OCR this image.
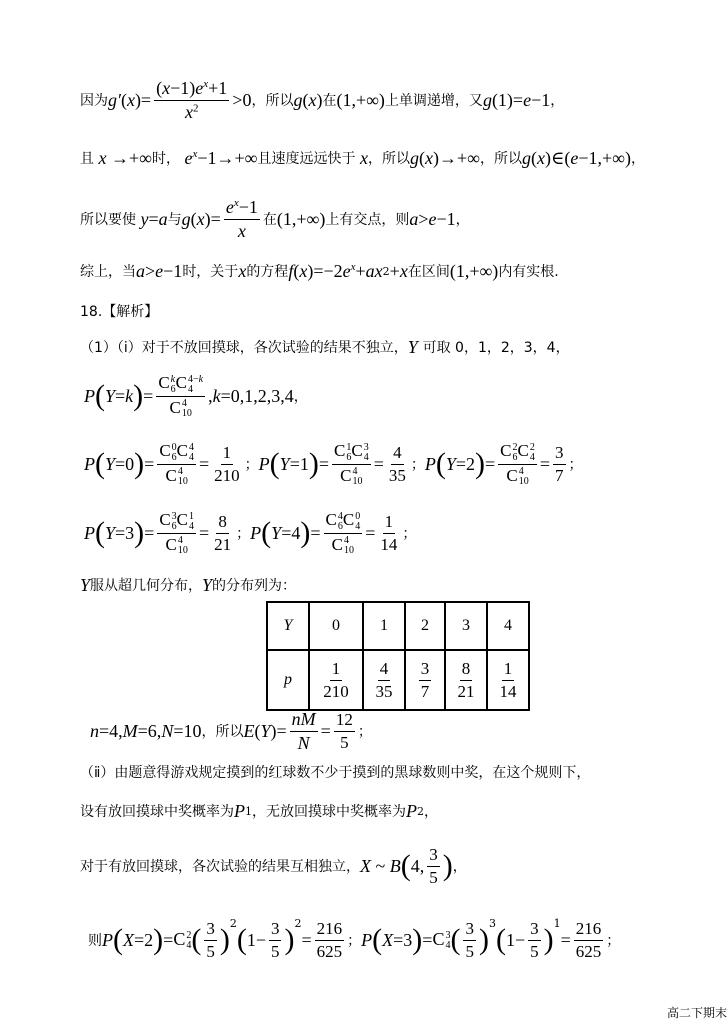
因为 g′ ( x )= $\frac{(x-1)e^x+1}{x^2} >0$ ，所以 g ( x ) 在 (1,+∞) 上单调递增，又 g (1)= e −1 ，
且 x →+∞ 时， $e^x -1\to+\infty$ 且速度远远快于 x ，所以 g ( x )→+∞ ，所以 g ( x )∈( e −1,+∞) ，
所以要使 y = a 与 g ( x )= $\frac{e^x-1}{x}$ 在 (1,+∞) 上有交点，则 a > e −1 ，
综上，当 a > e −1 时，关于 x 的方程 f ( x )=−2 $e^x$ + ax 2 + x 在区间 (1,+∞) 内有实根.
18.【解析】
（1）（ⅰ）对于不放回摸球，各次试验的结果不独立， Y
可取 0，1，2，3，4，
P ( Y = k ) = C k
6 C 4−k
4
C 4
10 , k =0,1,2,3,4 ，
P ( Y =0 ) = C 0
6 C 4
4
C 4
$10 = \frac{1}{210}$ ； P ( Y =1 ) = C 1
6 C 3
4
C 4
$10 = \frac{4}{35}$ ； P ( Y =2 ) = C 2
6 C 2
4
C 4
$10 = \frac{3}{7}$ ；
P ( Y =3 ) = C 3
6 C 1
4
C 4
$10 = \frac{8}{21}$ ； P ( Y =4 ) = C 4
6 C 0
4
C 4
$10 = \frac{1}{14}$ ；
Y 服从超几何分布， Y 的分布列为：
Y	0	1	2	3	4
p	$\frac{1}{210}$	$\frac{4}{35}$	$\frac{3}{7}$	$\frac{8}{21}$	$\frac{1}{14}$
n =4, M =6, N =10 ，所以 E ( Y )= $\frac{nM}{N} = \frac{12}{5}$ ；
（ⅱ）由题意得游戏规定摸到的红球数不少于摸到的黑球数则中奖，在这个规则下，
设有放回摸球中奖概率为 P 1 ，无放回摸球中奖概率为 P 2 ，
对于有放回摸球，各次试验的结果互相独立， X ~ B ( 4, $\frac{3}{5}$ ) ，
则 P ( X =2 ) = C 2
4 ( $\frac{3}{5} )^2$ ( $1- \frac{3}{5} )^2$
= $\frac{216}{625}$ ； P ( X =3 ) = C 3
4 ( $\frac{3}{5} )^3$ ( $1- \frac{3}{5} )^1$
= $\frac{216}{625}$ ；
高二下期末
